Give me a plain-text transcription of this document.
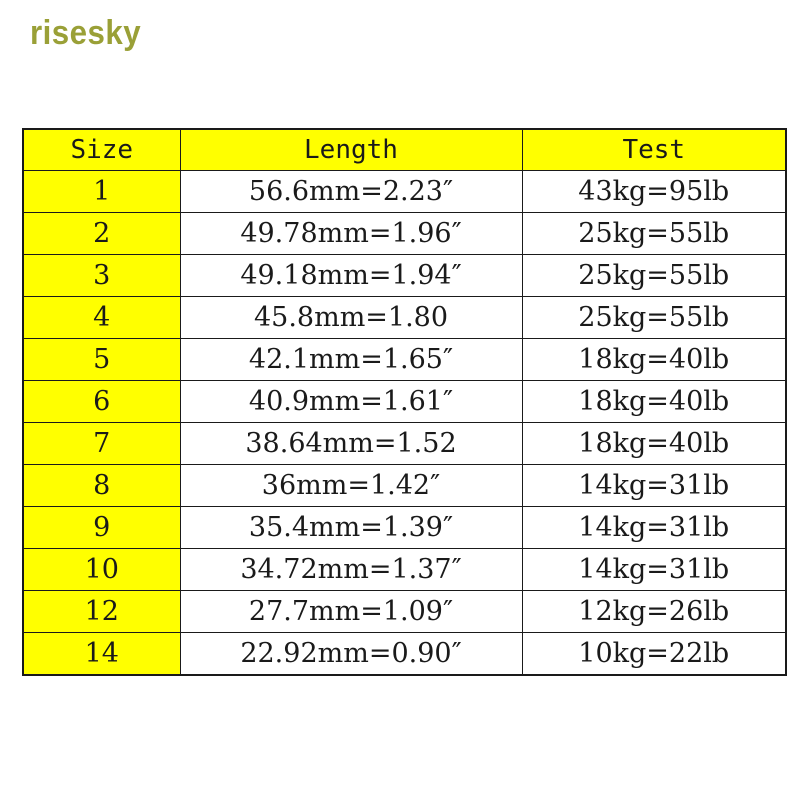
risesky
Size	Length	Test
1	56.6mm=2.23″	43kg=95lb
2	49.78mm=1.96″	25kg=55lb
3	49.18mm=1.94″	25kg=55lb
4	45.8mm=1.80	25kg=55lb
5	42.1mm=1.65″	18kg=40lb
6	40.9mm=1.61″	18kg=40lb
7	38.64mm=1.52	18kg=40lb
8	36mm=1.42″	14kg=31lb
9	35.4mm=1.39″	14kg=31lb
10	34.72mm=1.37″	14kg=31lb
12	27.7mm=1.09″	12kg=26lb
14	22.92mm=0.90″	10kg=22lb
